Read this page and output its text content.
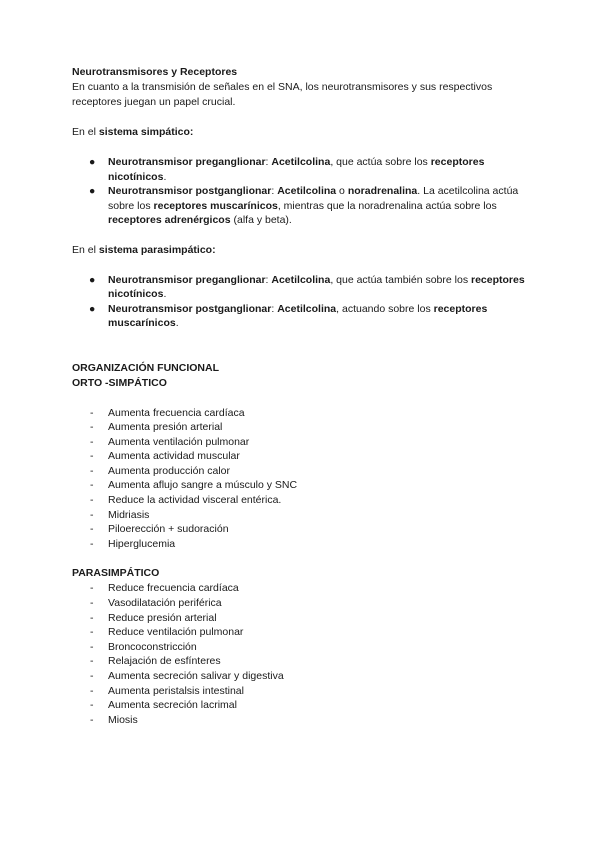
Neurotransmisores y Receptores

En cuanto a la transmisión de señales en el SNA, los neurotransmisores y sus respectivos receptores juegan un papel crucial.

En el sistema simpático:

● Neurotransmisor preganglionar: Acetilcolina, que actúa sobre los receptores nicotínicos.
● Neurotransmisor postganglionar: Acetilcolina o noradrenalina. La acetilcolina actúa sobre los receptores muscarínicos, mientras que la noradrenalina actúa sobre los receptores adrenérgicos (alfa y beta).

En el sistema parasimpático:

● Neurotransmisor preganglionar: Acetilcolina, que actúa también sobre los receptores nicotínicos.
● Neurotransmisor postganglionar: Acetilcolina, actuando sobre los receptores muscarínicos.

ORGANIZACIÓN FUNCIONAL

ORTO -SIMPÁTICO

- Aumenta frecuencia cardíaca
- Aumenta presión arterial
- Aumenta ventilación pulmonar
- Aumenta actividad muscular
- Aumenta producción calor
- Aumenta aflujo sangre a músculo y SNC
- Reduce la actividad visceral entérica.
- Midriasis
- Piloerección + sudoración
- Hiperglucemia

PARASIMPÁTICO

- Reduce frecuencia cardíaca
- Vasodilatación periférica
- Reduce presión arterial
- Reduce ventilación pulmonar
- Broncoconstricción
- Relajación de esfínteres
- Aumenta secreción salivar y digestiva
- Aumenta peristalsis intestinal
- Aumenta secreción lacrimal
- Miosis
